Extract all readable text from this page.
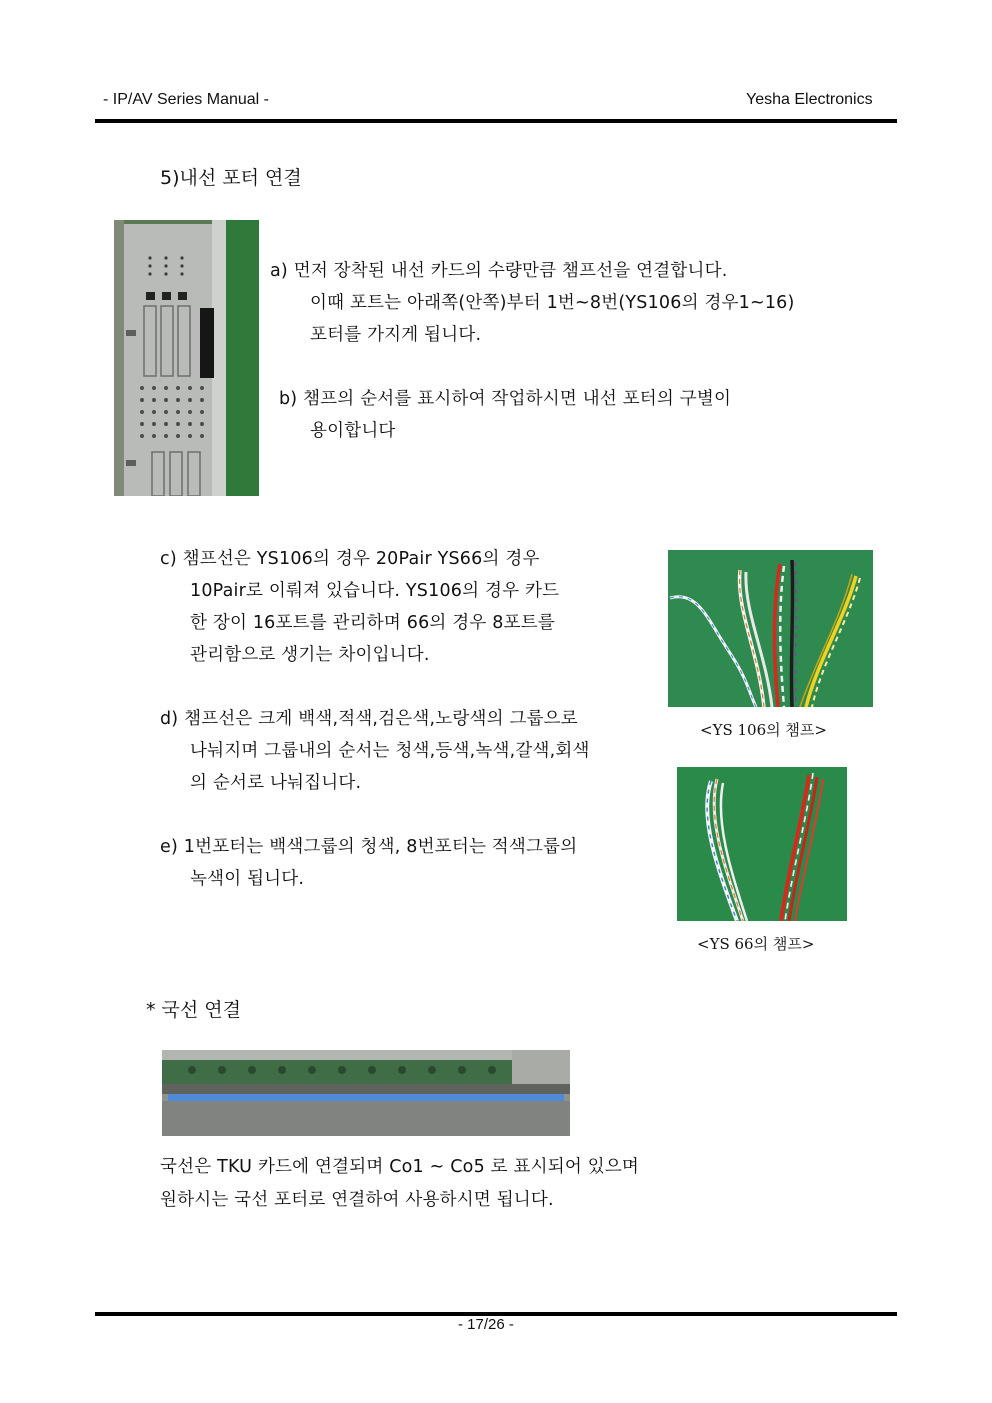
- IP/AV Series Manual -	Yesha Electronics
5)내선 포터 연결
a) 먼저 장착된 내선 카드의 수량만큼 챔프선을 연결합니다.
이때 포트는 아래쪽(안쪽)부터 1번~8번(YS106의 경우1~16)
포터를 가지게 됩니다.
b) 챔프의 순서를 표시하여 작업하시면 내선 포터의 구별이
용이합니다
c) 챔프선은 YS106의 경우 20Pair YS66의 경우
10Pair로 이뤄져 있습니다. YS106의 경우 카드
한 장이 16포트를 관리하며 66의 경우 8포트를
관리함으로 생기는 차이입니다.
d) 챔프선은 크게 백색,적색,검은색,노랑색의 그룹으로
나눠지며 그룹내의 순서는 청색,등색,녹색,갈색,회색
의 순서로 나눠집니다.
e) 1번포터는 백색그룹의 청색, 8번포터는 적색그룹의
녹색이 됩니다.
<YS 106의 챔프>
<YS 66의 챔프>
* 국선 연결
국선은 TKU 카드에 연결되며 Co1 ~ Co5 로 표시되어 있으며
원하시는 국선 포터로 연결하여 사용하시면 됩니다.
- 17/26 -
